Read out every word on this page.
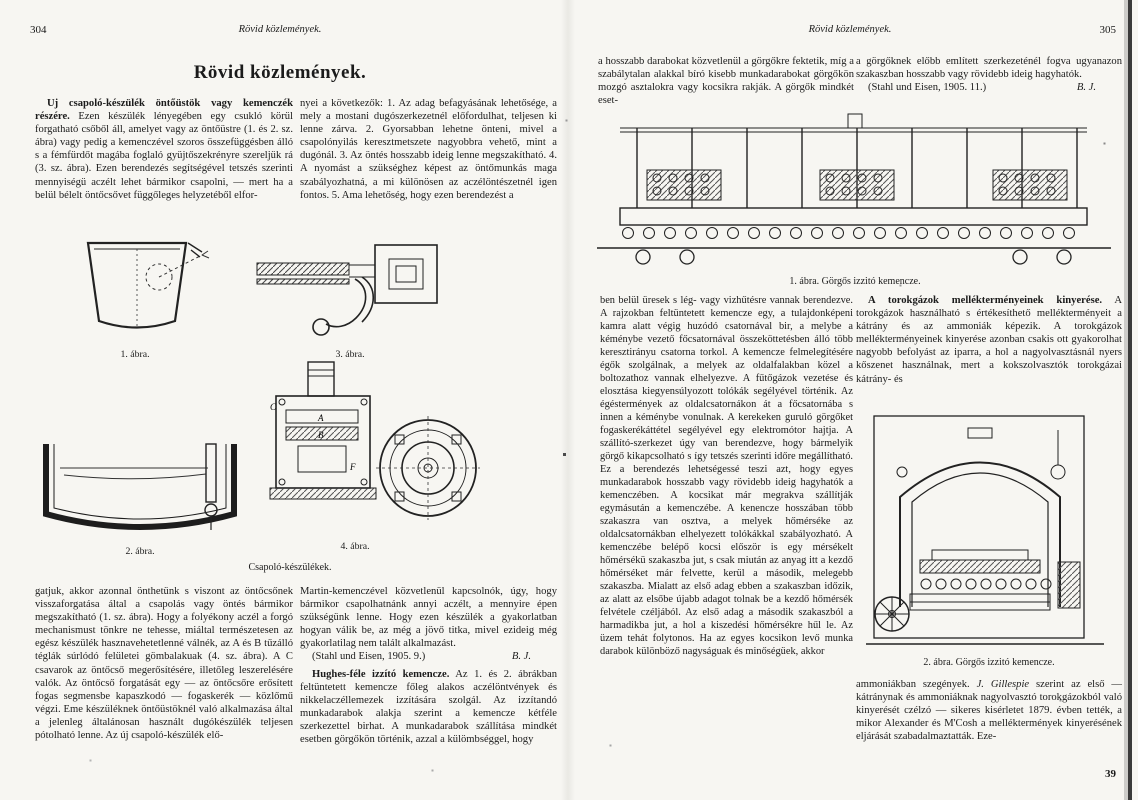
304	Rövid közlemények.
Rövid közlemények.

Uj csapoló-készülék öntőüstök vagy kemenczék részére. Ezen készülék lényegében egy csukló körül forgatható csőből áll, amelyet vagy az öntőüstre (1. és 2. sz. ábra) vagy pedig a kemenczével szoros összefüggésben álló s a fémfürdőt magába foglaló gyüjtőszekrényre szereljük rá (3. sz. ábra). Ezen berendezés segítségével tetszés szerinti mennyiségü aczélt lehet bármikor csapolni, — mert ha a belül bélelt öntőcsővet függőleges helyzetéből elfor-

nyei a következők: 1. Az adag befagyásának lehetősége, a mely a mostani dugószerkezetnél előfordulhat, teljesen ki lenne zárva. 2. Gyorsabban lehetne önteni, mivel a csapolónyilás keresztmetszete nagyobbra vehető, mint a dugónál. 3. Az öntés hosszabb ideig lenne megszakítható. 4. A nyomást a szükséghez képest az öntőmunkás maga szabályozhatná, a mi különösen az aczélöntészetnél igen fontos. 5. Ama lehetőség, hogy ezen berendezést a

1. ábra.	3. ábra.
C
A
B
F
4. ábra.
2. ábra.
Csapoló-készülékek.

gatjuk, akkor azonnal önthetünk s viszont az öntőcsőnek visszaforgatása által a csapolás vagy öntés bármikor megszakítható (1. sz. ábra). Hogy a folyékony aczél a forgó mechanismust tönkre ne tehesse, miáltal természetesen az egész készülék hasznavehetetlenné válnék, az A és B tűzálló téglák súrlódó felületei gömbalakuak (4. sz. ábra). A C csavarok az öntőcső megerősítésére, illetőleg leszerelésére valók. Az öntőcső forgatását egy — az öntőcsőre erősített fogas segmensbe kapaszkodó — fogaskerék — közlőmű végzi. Eme készüléknek öntőüstöknél való alkalmazása által a jelenleg általánosan használt dugókészülék teljesen pótolható lenne. Az új csapoló-készülék elő-

Martin-kemenczével közvetlenül kapcsolnók, úgy, hogy bármikor csapolhatnánk annyi aczélt, a mennyire épen szükségünk lenne. Hogy ezen készülék a gyakorlatban hogyan válik be, az még a jövő titka, mivel ezideig még gyakorlatilag nem talált alkalmazást.

(Stahl und Eisen, 1905. 9.)	B. J.

Hughes-féle izzító kemencze. Az 1. és 2. ábrákban feltüntetett kemencze főleg alakos aczélöntvények és nikkelaczéllemezek izzítására szolgál. Az izzítandó munkadarabok alakja szerint a kemencze kétféle szerkezettel birhat. A munkadarabok szállítása mindkét esetben görgőkön történik, azzal a külömbséggel, hogy

Rövid közlemények.	305

a hosszabb darabokat közvetlenül a görgőkre fektetik, míg a szabálytalan alakkal bíró kisebb munkadarabokat görgőkön mozgó asztalokra vagy kocsikra rakják. A görgők mindkét eset-

a görgőknek előbb említett szerkezeténél fogva ugyanazon szakaszban hosszabb vagy rövidebb ideig hagyhatók.

(Stahl und Eisen, 1905. 11.)	B. J.
1. ábra. Görgős izzitó kemencze.

ben belül üresek s lég- vagy vizhűtésre vannak berendezve. A rajzokban feltüntetett kemencze egy, a tulajdonképeni kamra alatt végig huzódó csatornával bir, a melybe a kéménybe vezető főcsatornával összeköttetésben álló több keresztirányu csatorna torkol. A kemencze felmelegítésére égők szolgálnak, a melyek az oldalfalakban közel a boltozathoz vannak elhelyezve. A fűtőgázok vezetése és elosztása kiegyensúlyozott tolókák segélyével történik. Az égéstermények az oldalcsatornákon át a főcsatornába s innen a kéménybe vonulnak. A kerekeken guruló görgőket fogaskerékáttétel segélyével egy elektromótor hajtja. A szállító-szerkezet úgy van berendezve, hogy bármelyik görgő kikapcsolható s így tetszés szerinti időre megállítható. Ez a berendezés lehetségessé teszi azt, hogy egyes munkadarabok hosszabb vagy rövidebb ideig hagyhatók a kemenczében. A kocsikat már megrakva szállítják egymásután a kemenczébe. A kenencze hosszában több szakaszra van osztva, a melyek hőmérséke az oldalcsatornákban elhelyezett tolókákkal szabályozható. A kemenczébe belépő kocsi először is egy mérsékelt hőmérsékü szakaszba jut, s csak miután az anyag itt a kezdő hőmérséket már felvette, kerül a második, melegebb szakaszba. Mialatt az első adag ebben a szakaszban időzik, az alatt az elsőbe újabb adagot tolnak be a kezdő hőmérsék felvétele czéljából. Az első adag a második szakaszból a harmadikba jut, a hol a kiszedési hőmérsékre hűl le. Az üzem tehát folytonos. Ha az egyes kocsikon levő munka darabok különböző nagyságuak és minőségüek, akkor

A torokgázok mellékterményeinek kinyerése. A torokgázok használható s értékesíthető mellékterményeit a kátrány és az ammoniák képezik. A torokgázok mellékterményeinek kinyerése azonban csakis ott gyakorolhat nagyobb befolyást az iparra, a hol a nagyolvasztásnál nyers kőszenet használnak, mert a kokszolvasztók torokgázai kátrány- és

2. ábra. Görgős izzitó kemencze.

ammoniákban szegények. J. Gillespie szerint az első — kátránynak és ammoniáknak nagyolvasztó torokgázokból való kinyerését czélzó — sikeres kisérletet 1879. évben tették, a mikor Alexander és M'Cosh a melléktermények kinyerésének eljárását szabadalmaztatták. Eze-

39
